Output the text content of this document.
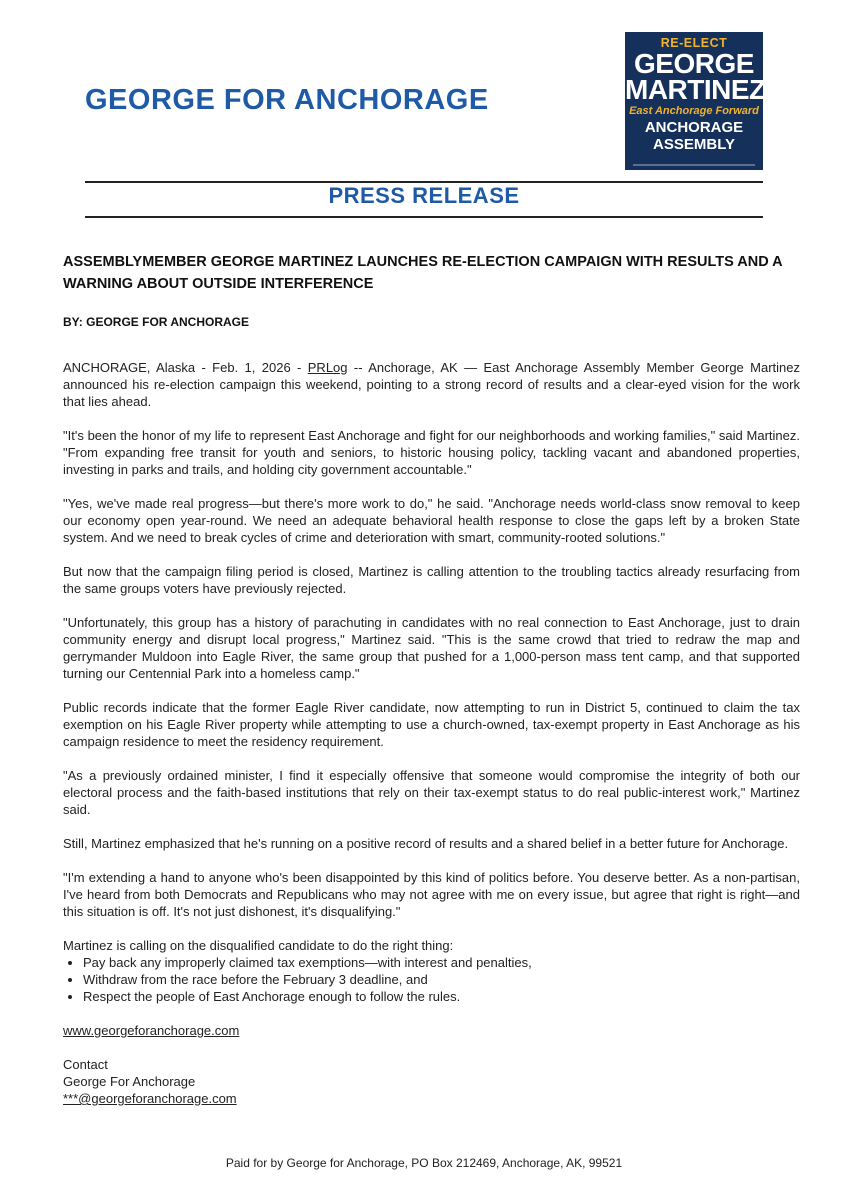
GEORGE FOR ANCHORAGE
RE-ELECT
GEORGE
MARTINEZ
East Anchorage Forward
ANCHORAGE
ASSEMBLY
PRESS RELEASE
ASSEMBLYMEMBER GEORGE MARTINEZ LAUNCHES RE-ELECTION CAMPAIGN WITH RESULTS AND A WARNING ABOUT OUTSIDE INTERFERENCE
BY: GEORGE FOR ANCHORAGE

ANCHORAGE, Alaska - Feb. 1, 2026 - PRLog -- Anchorage, AK — East Anchorage Assembly Member George Martinez announced his re-election campaign this weekend, pointing to a strong record of results and a clear-eyed vision for the work that lies ahead.

"It's been the honor of my life to represent East Anchorage and fight for our neighborhoods and working families," said Martinez. "From expanding free transit for youth and seniors, to historic housing policy, tackling vacant and abandoned properties, investing in parks and trails, and holding city government accountable."

"Yes, we've made real progress—but there's more work to do," he said. "Anchorage needs world-class snow removal to keep our economy open year-round. We need an adequate behavioral health response to close the gaps left by a broken State system. And we need to break cycles of crime and deterioration with smart, community-rooted solutions."

But now that the campaign filing period is closed, Martinez is calling attention to the troubling tactics already resurfacing from the same groups voters have previously rejected.

"Unfortunately, this group has a history of parachuting in candidates with no real connection to East Anchorage, just to drain community energy and disrupt local progress," Martinez said. "This is the same crowd that tried to redraw the map and gerrymander Muldoon into Eagle River, the same group that pushed for a 1,000-person mass tent camp, and that supported turning our Centennial Park into a homeless camp."

Public records indicate that the former Eagle River candidate, now attempting to run in District 5, continued to claim the tax exemption on his Eagle River property while attempting to use a church-owned, tax-exempt property in East Anchorage as his campaign residence to meet the residency requirement.

"As a previously ordained minister, I find it especially offensive that someone would compromise the integrity of both our electoral process and the faith-based institutions that rely on their tax-exempt status to do real public-interest work," Martinez said.

Still, Martinez emphasized that he's running on a positive record of results and a shared belief in a better future for Anchorage.

"I'm extending a hand to anyone who's been disappointed by this kind of politics before. You deserve better. As a non-partisan, I've heard from both Democrats and Republicans who may not agree with me on every issue, but agree that right is right—and this situation is off. It's not just dishonest, it's disqualifying."

Martinez is calling on the disqualified candidate to do the right thing:

• Pay back any improperly claimed tax exemptions—with interest and penalties,
• Withdraw from the race before the February 3 deadline, and
• Respect the people of East Anchorage enough to follow the rules.

www.georgeforanchorage.com

Contact

George For Anchorage

***@georgeforanchorage.com

Paid for by George for Anchorage, PO Box 212469, Anchorage, AK, 99521
